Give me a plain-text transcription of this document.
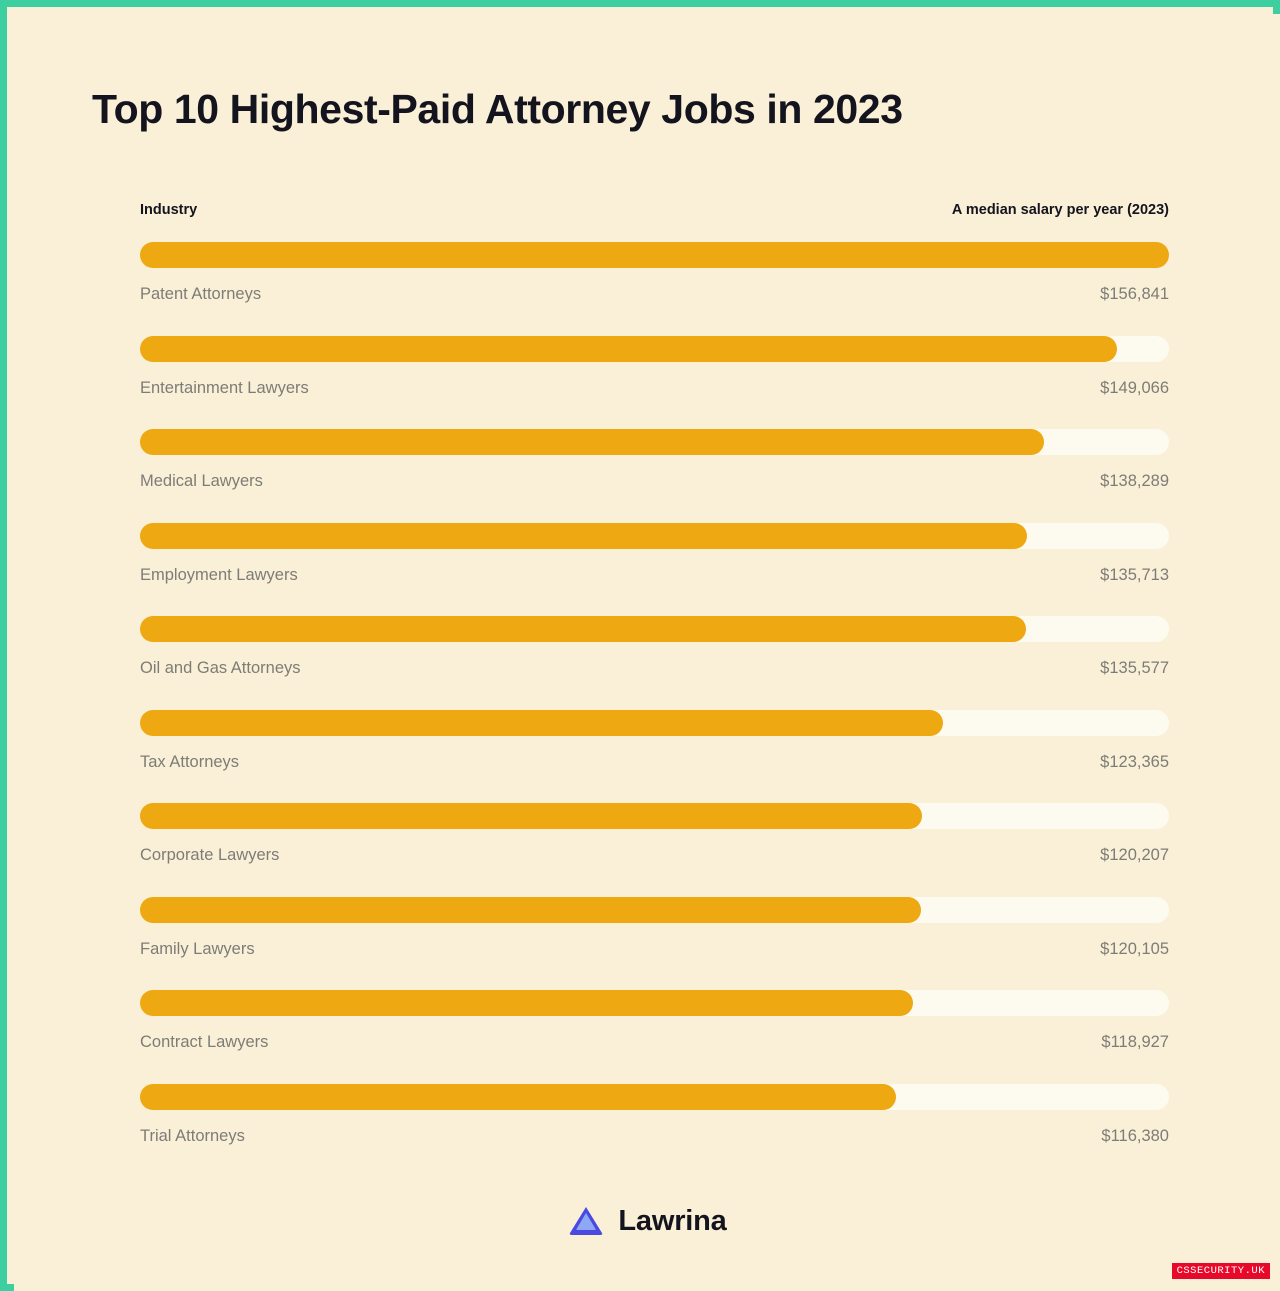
Top 10 Highest-Paid Attorney Jobs in 2023
Industry	A median salary per year (2023)
Patent Attorneys	$156,841
Entertainment Lawyers	$149,066
Medical Lawyers	$138,289
Employment Lawyers	$135,713
Oil and Gas Attorneys	$135,577
Tax Attorneys	$123,365
Corporate Lawyers	$120,207
Family Lawyers	$120,105
Contract Lawyers	$118,927
Trial Attorneys	$116,380
Lawrina
CSSECURITY.UK
